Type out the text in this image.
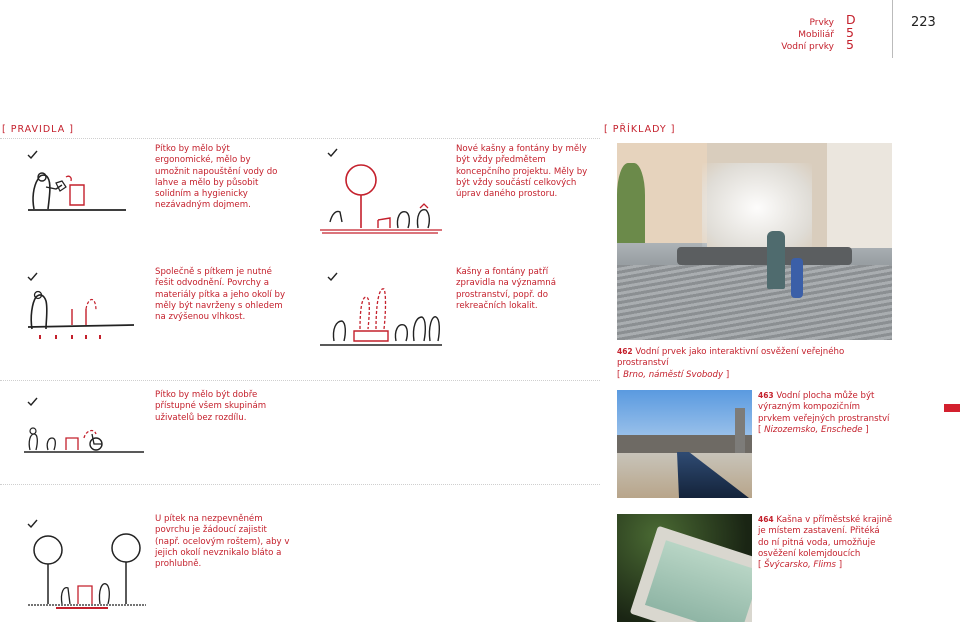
Prvky
Mobiliář
Vodní prvky
D
5
5
223
[ PRAVIDLA ]	[ PŘÍKLADY ]
Pítko by mělo být ergonomické, mělo by umožnit napouštění vody do lahve a mělo by působit solidním a hygienicky nezávadným dojmem.
Nové kašny a fontány by měly být vždy předmětem koncepčního projektu. Měly by být vždy součástí celkových úprav daného prostoru.
Společně s pítkem je nutné řešit odvodnění. Povrchy a materiály pítka a jeho okolí by měly být navrženy s ohledem na zvýšenou vlhkost.
Kašny a fontány patří zpravidla na významná prostranství, popř. do rekreačních lokalit.
Pítko by mělo být dobře přístupné všem skupinám uživatelů bez rozdílu.
U pítek na nezpevněném povrchu je žádoucí zajistit (např. ocelovým roštem), aby v jejich okolí nevznikalo bláto a prohlubně.
462 Vodní prvek jako interaktivní osvěžení veřejného prostranství
[ Brno, náměstí Svobody ]
463 Vodní plocha může být výrazným kompozičním prvkem veřejných prostranství
[ Nizozemsko, Enschede ]
464 Kašna v příměstské krajině je místem zastavení. Přitéká do ní pitná voda, umožňuje osvěžení kolemjdoucích
[ Švýcarsko, Flims ]
